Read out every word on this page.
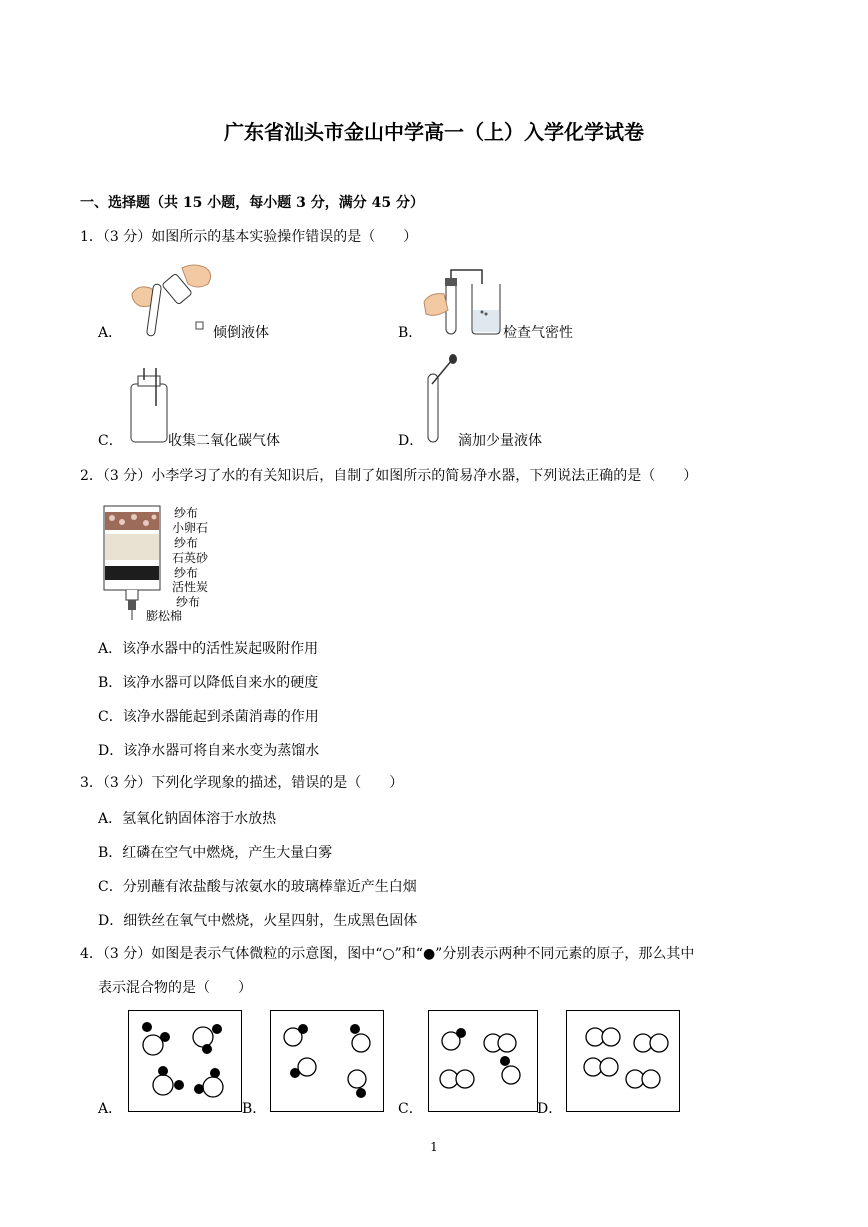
广东省汕头市金山中学高一（上）入学化学试卷
一、选择题（共 15 小题，每小题 3 分，满分 45 分）
1．（3 分）如图所示的基本实验操作错误的是（　　）
A．	倾倒液体	B．	检查气密性
C．	收集二氧化碳气体	D． 滴加少量液体
2．（3 分）小李学习了水的有关知识后，自制了如图所示的简易净水器，下列说法正确的是（　　）
纱布
小卵石
纱布
石英砂
纱布
活性炭
纱布
膨松棉
A．该净水器中的活性炭起吸附作用
B．该净水器可以降低自来水的硬度
C．该净水器能起到杀菌消毒的作用
D．该净水器可将自来水变为蒸馏水
3．（3 分）下列化学现象的描述，错误的是（　　）
A．氢氧化钠固体溶于水放热
B．红磷在空气中燃烧，产生大量白雾
C．分别蘸有浓盐酸与浓氨水的玻璃棒靠近产生白烟
D．细铁丝在氧气中燃烧，火星四射，生成黑色固体
4．（3 分）如图是表示气体微粒的示意图，图中“○”和“●”分别表示两种不同元素的原子，那么其中
表示混合物的是（　　）
A．	B．	C．	D．
1
